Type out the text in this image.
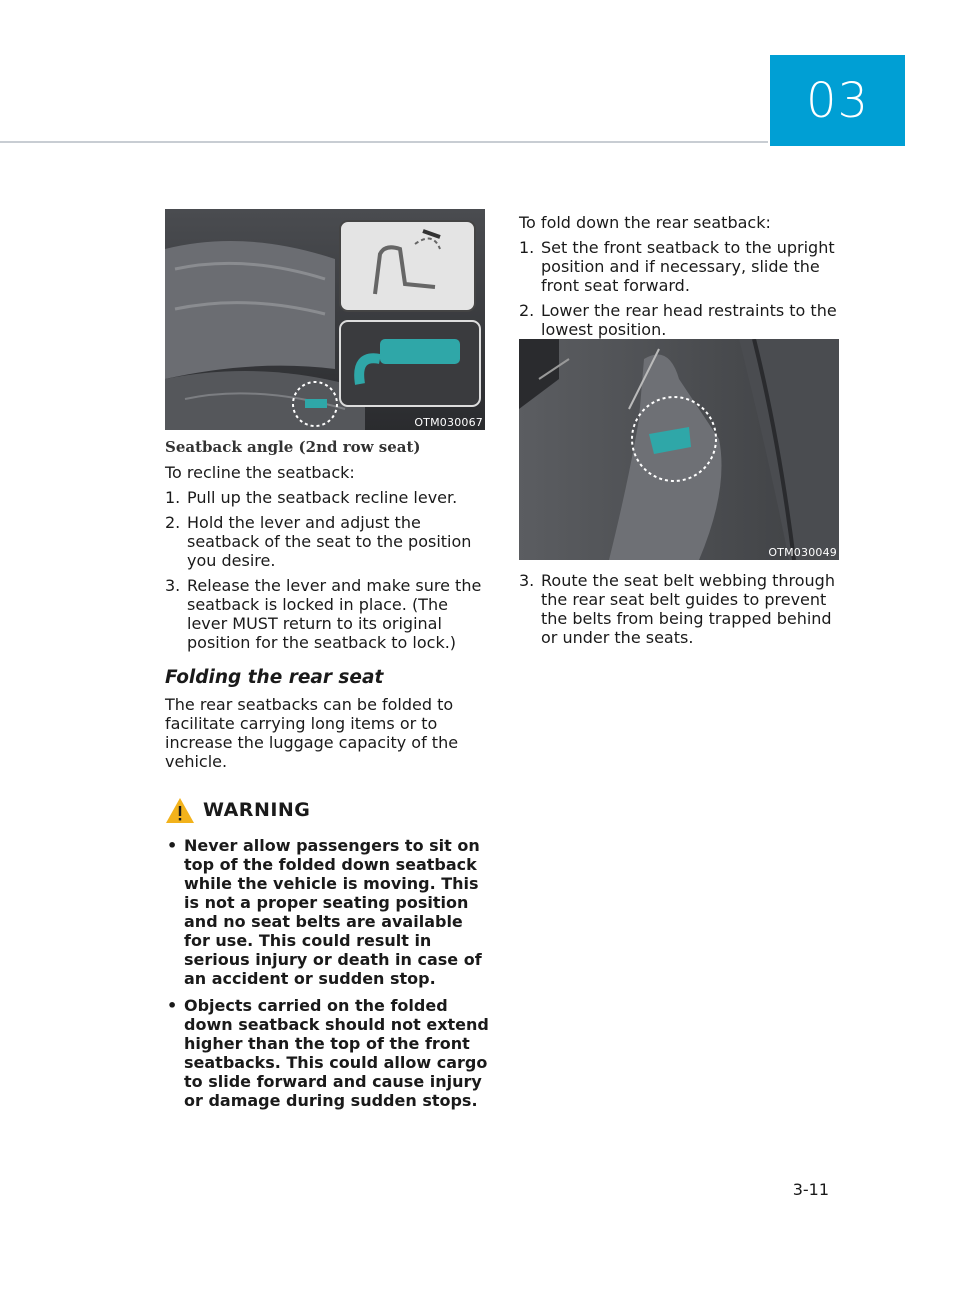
03
OTM030067
Seatback angle (2nd row seat)
To recline the seatback:
1. Pull up the seatback recline lever.
2. Hold the lever and adjust the seatback of the seat to the position you desire.
3. Release the lever and make sure the seatback is locked in place. (The lever MUST return to its original position for the seatback to lock.)
Folding the rear seat
The rear seatbacks can be folded to facilitate carrying long items or to increase the luggage capacity of the vehicle.
WARNING
• Never allow passengers to sit on top of the folded down seatback while the vehicle is moving. This is not a proper seating position and no seat belts are available for use. This could result in serious injury or death in case of an accident or sudden stop.
• Objects carried on the folded down seatback should not extend higher than the top of the front seatbacks. This could allow cargo to slide forward and cause injury or damage during sudden stops.
To fold down the rear seatback:
1. Set the front seatback to the upright position and if necessary, slide the front seat forward.
2. Lower the rear head restraints to the lowest position.
OTM030049
3. Route the seat belt webbing through the rear seat belt guides to prevent the belts from being trapped behind or under the seats.
3-11
